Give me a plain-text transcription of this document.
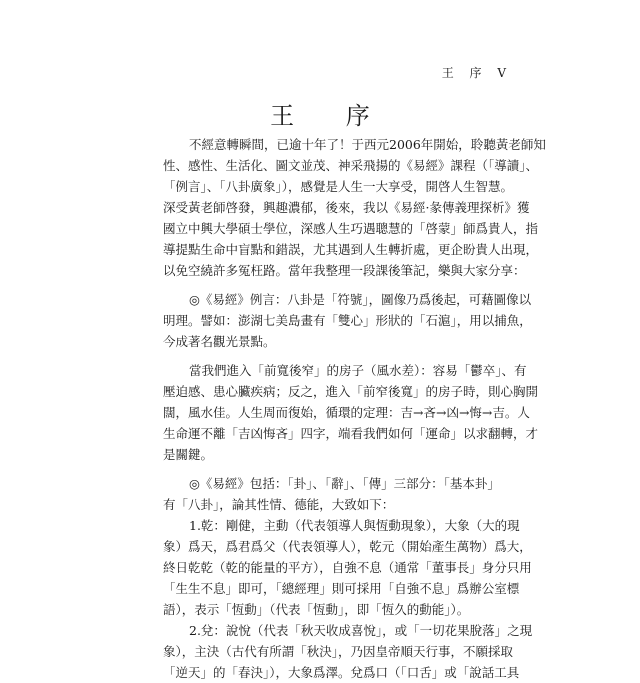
王 序 V
王 序
不經意轉瞬間，已逾十年了！于西元2006年開始，聆聽黃老師知
性、感性、生活化、圖文並茂、神采飛揚的《易經》課程（「導讀」、
「例言」、「八卦廣象」），感覺是人生一大享受，開啓人生智慧。
深受黃老師啓發，興趣濃郁，後來，我以《易經·彖傳義理探析》獲
國立中興大學碩士學位，深感人生巧遇聰慧的「啓蒙」師爲貴人，指
導提點生命中盲點和錯誤，尤其遇到人生轉折處，更企盼貴人出現，
以免空繞許多冤枉路。當年我整理一段課後筆記，樂與大家分享：
◎《易經》例言：八卦是「符號」，圖像乃爲後起，可藉圖像以
明理。譬如：澎湖七美島畫有「雙心」形狀的「石滬」，用以捕魚，
今成著名觀光景點。
當我們進入「前寬後窄」的房子（風水差）：容易「鬱卒」、有
壓迫感、患心臟疾病；反之，進入「前窄後寬」的房子時，則心胸開
闊，風水佳。人生周而復始，循環的定理：吉→吝→凶→悔→吉。人
生命運不離「吉凶悔吝」四字，端看我們如何「運命」以求翻轉，才
是關鍵。
◎《易經》包括：「卦」、「辭」、「傳」三部分：「基本卦」
有「八卦」，論其性情、德能，大致如下：
1.乾：剛健，主動（代表領導人與恆動現象），大象（大的現
象）爲天，爲君爲父（代表領導人），乾元（開始產生萬物）爲大，
終日乾乾（乾的能量的平方），自強不息（通常「董事長」身分只用
「生生不息」即可，「總經理」則可採用「自強不息」爲辦公室標
語），表示「恆動」（代表「恆動」，即「恆久的動能」）。
2.兌：說悅（代表「秋天收成喜悅」，或「一切花果脫落」之現
象），主決（古代有所謂「秋決」，乃因皇帝順天行事，不願採取
「逆天」的「春決」），大象爲澤。兌爲口（「口舌」或「說話工具
